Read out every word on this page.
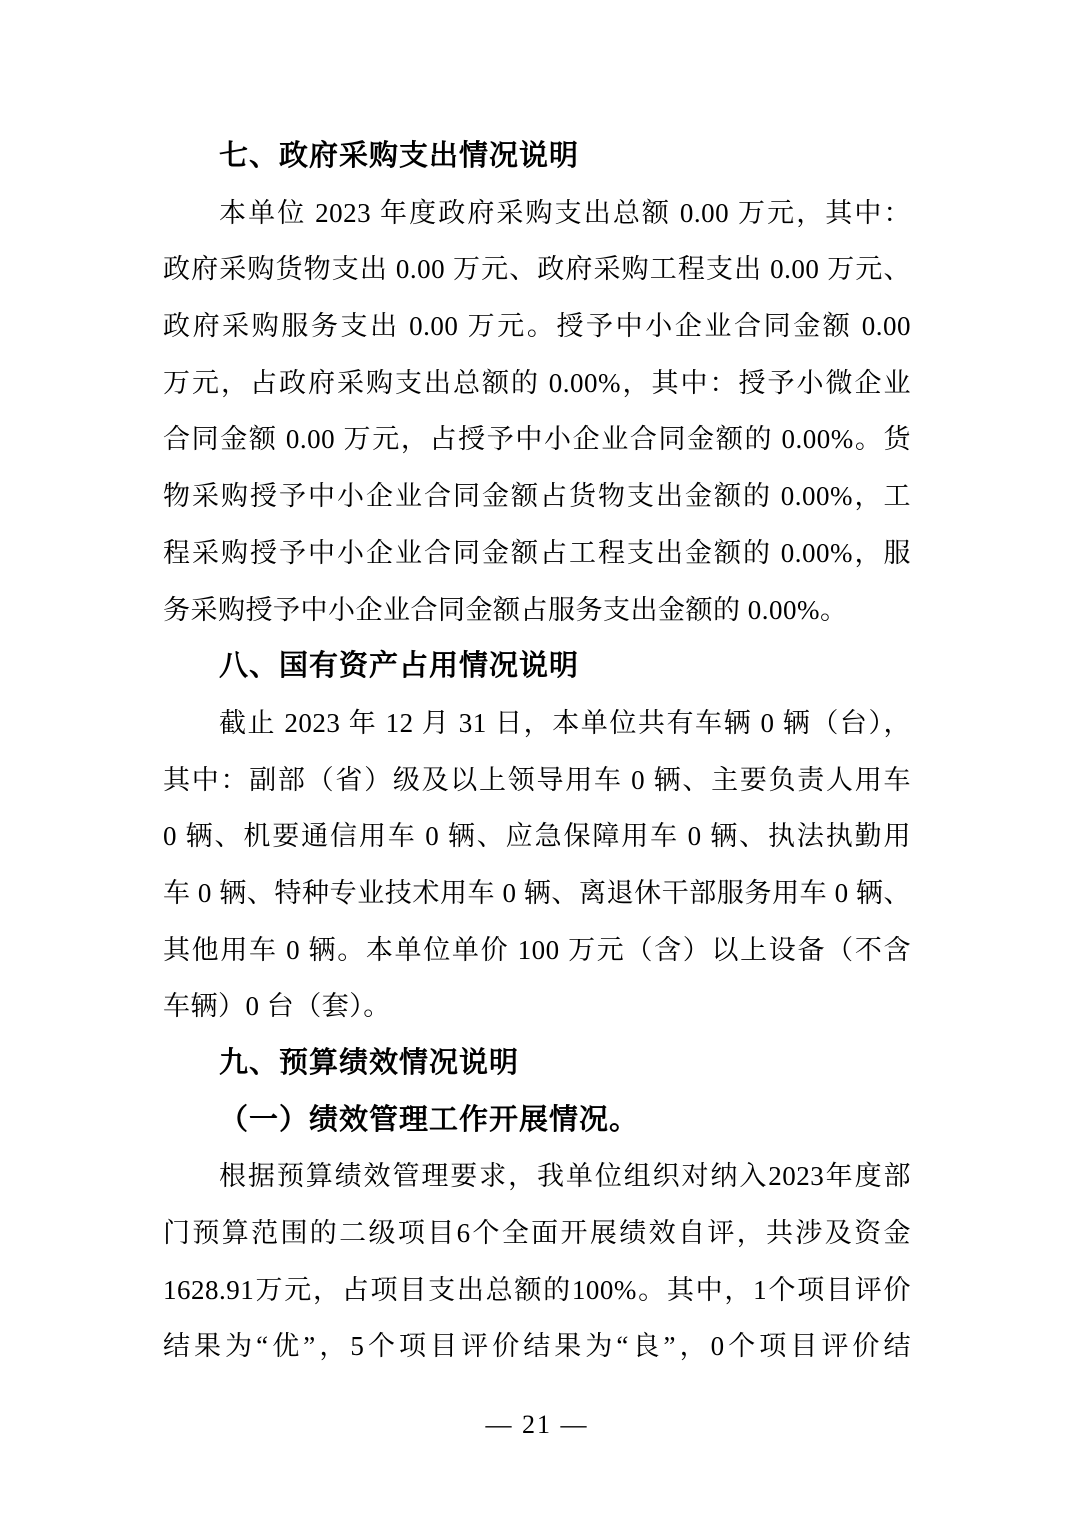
七、政府采购支出情况说明
本单位 2023 年度政府采购支出总额 0.00 万元，其中：
政府采购货物支出 0.00 万元、政府采购工程支出 0.00 万元、
政府采购服务支出 0.00 万元。授予中小企业合同金额 0.00
万元，占政府采购支出总额的 0.00%，其中：授予小微企业
合同金额 0.00 万元，占授予中小企业合同金额的 0.00%。货
物采购授予中小企业合同金额占货物支出金额的 0.00%，工
程采购授予中小企业合同金额占工程支出金额的 0.00%，服
务采购授予中小企业合同金额占服务支出金额的 0.00%。
八、国有资产占用情况说明
截止 2023 年 12 月 31 日，本单位共有车辆 0 辆（台），
其中：副部（省）级及以上领导用车 0 辆、主要负责人用车
0 辆、机要通信用车 0 辆、应急保障用车 0 辆、执法执勤用
车 0 辆、特种专业技术用车 0 辆、离退休干部服务用车 0 辆、
其他用车 0 辆。本单位单价 100 万元（含）以上设备（不含
车辆）0 台（套）。
九、预算绩效情况说明
（一）绩效管理工作开展情况。
根据预算绩效管理要求，我单位组织对纳入2023年度部
门预算范围的二级项目6个全面开展绩效自评，共涉及资金
1628.91万元，占项目支出总额的100%。其中，1个项目评价
结果为“优”，5个项目评价结果为“良”，0个项目评价结
— 21 —
